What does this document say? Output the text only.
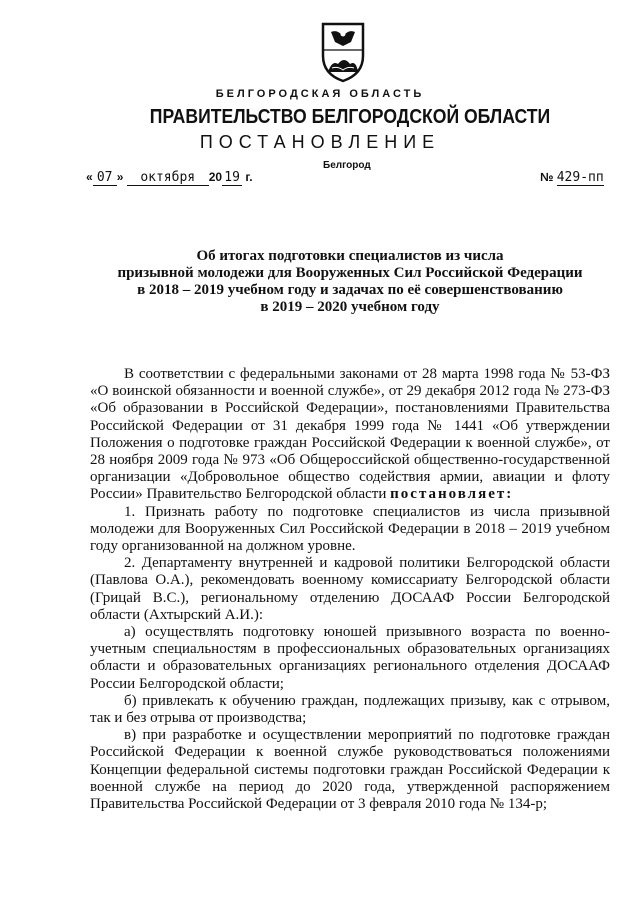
БЕЛГОРОДСКАЯ ОБЛАСТЬ
ПРАВИТЕЛЬСТВО БЕЛГОРОДСКОЙ ОБЛАСТИ
ПОСТАНОВЛЕНИЕ
Белгород
« 07 » октября 20 19 г.	№ 429-пп
Об итогах подготовки специалистов из числа
призывной молодежи для Вооруженных Сил Российской Федерации
в 2018 – 2019 учебном году и задачах по её совершенствованию
в 2019 – 2020 учебном году

В соответствии с федеральными законами от 28 марта 1998 года № 53-ФЗ «О воинской обязанности и военной службе», от 29 декабря 2012 года № 273-ФЗ «Об образовании в Российской Федерации», постановлениями Правительства Российской Федерации от 31 декабря 1999 года № 1441 «Об утверждении Положения о подготовке граждан Российской Федерации к военной службе», от 28 ноября 2009 года № 973 «Об Общероссийской общественно-государственной организации «Добровольное общество содействия армии, авиации и флоту России» Правительство Белгородской области постановляет:

1. Признать работу по подготовке специалистов из числа призывной молодежи для Вооруженных Сил Российской Федерации в 2018 – 2019 учебном году организованной на должном уровне.

2. Департаменту внутренней и кадровой политики Белгородской области (Павлова О.А.), рекомендовать военному комиссариату Белгородской области (Грицай В.С.), региональному отделению ДОСААФ России Белгородской области (Ахтырский А.И.):

а) осуществлять подготовку юношей призывного возраста по военно-учетным специальностям в профессиональных образовательных организациях области и образовательных организациях регионального отделения ДОСААФ России Белгородской области;

б) привлекать к обучению граждан, подлежащих призыву, как с отрывом, так и без отрыва от производства;

в) при разработке и осуществлении мероприятий по подготовке граждан Российской Федерации к военной службе руководствоваться положениями Концепции федеральной системы подготовки граждан Российской Федерации к военной службе на период до 2020 года, утвержденной распоряжением Правительства Российской Федерации от 3 февраля 2010 года № 134-р;
